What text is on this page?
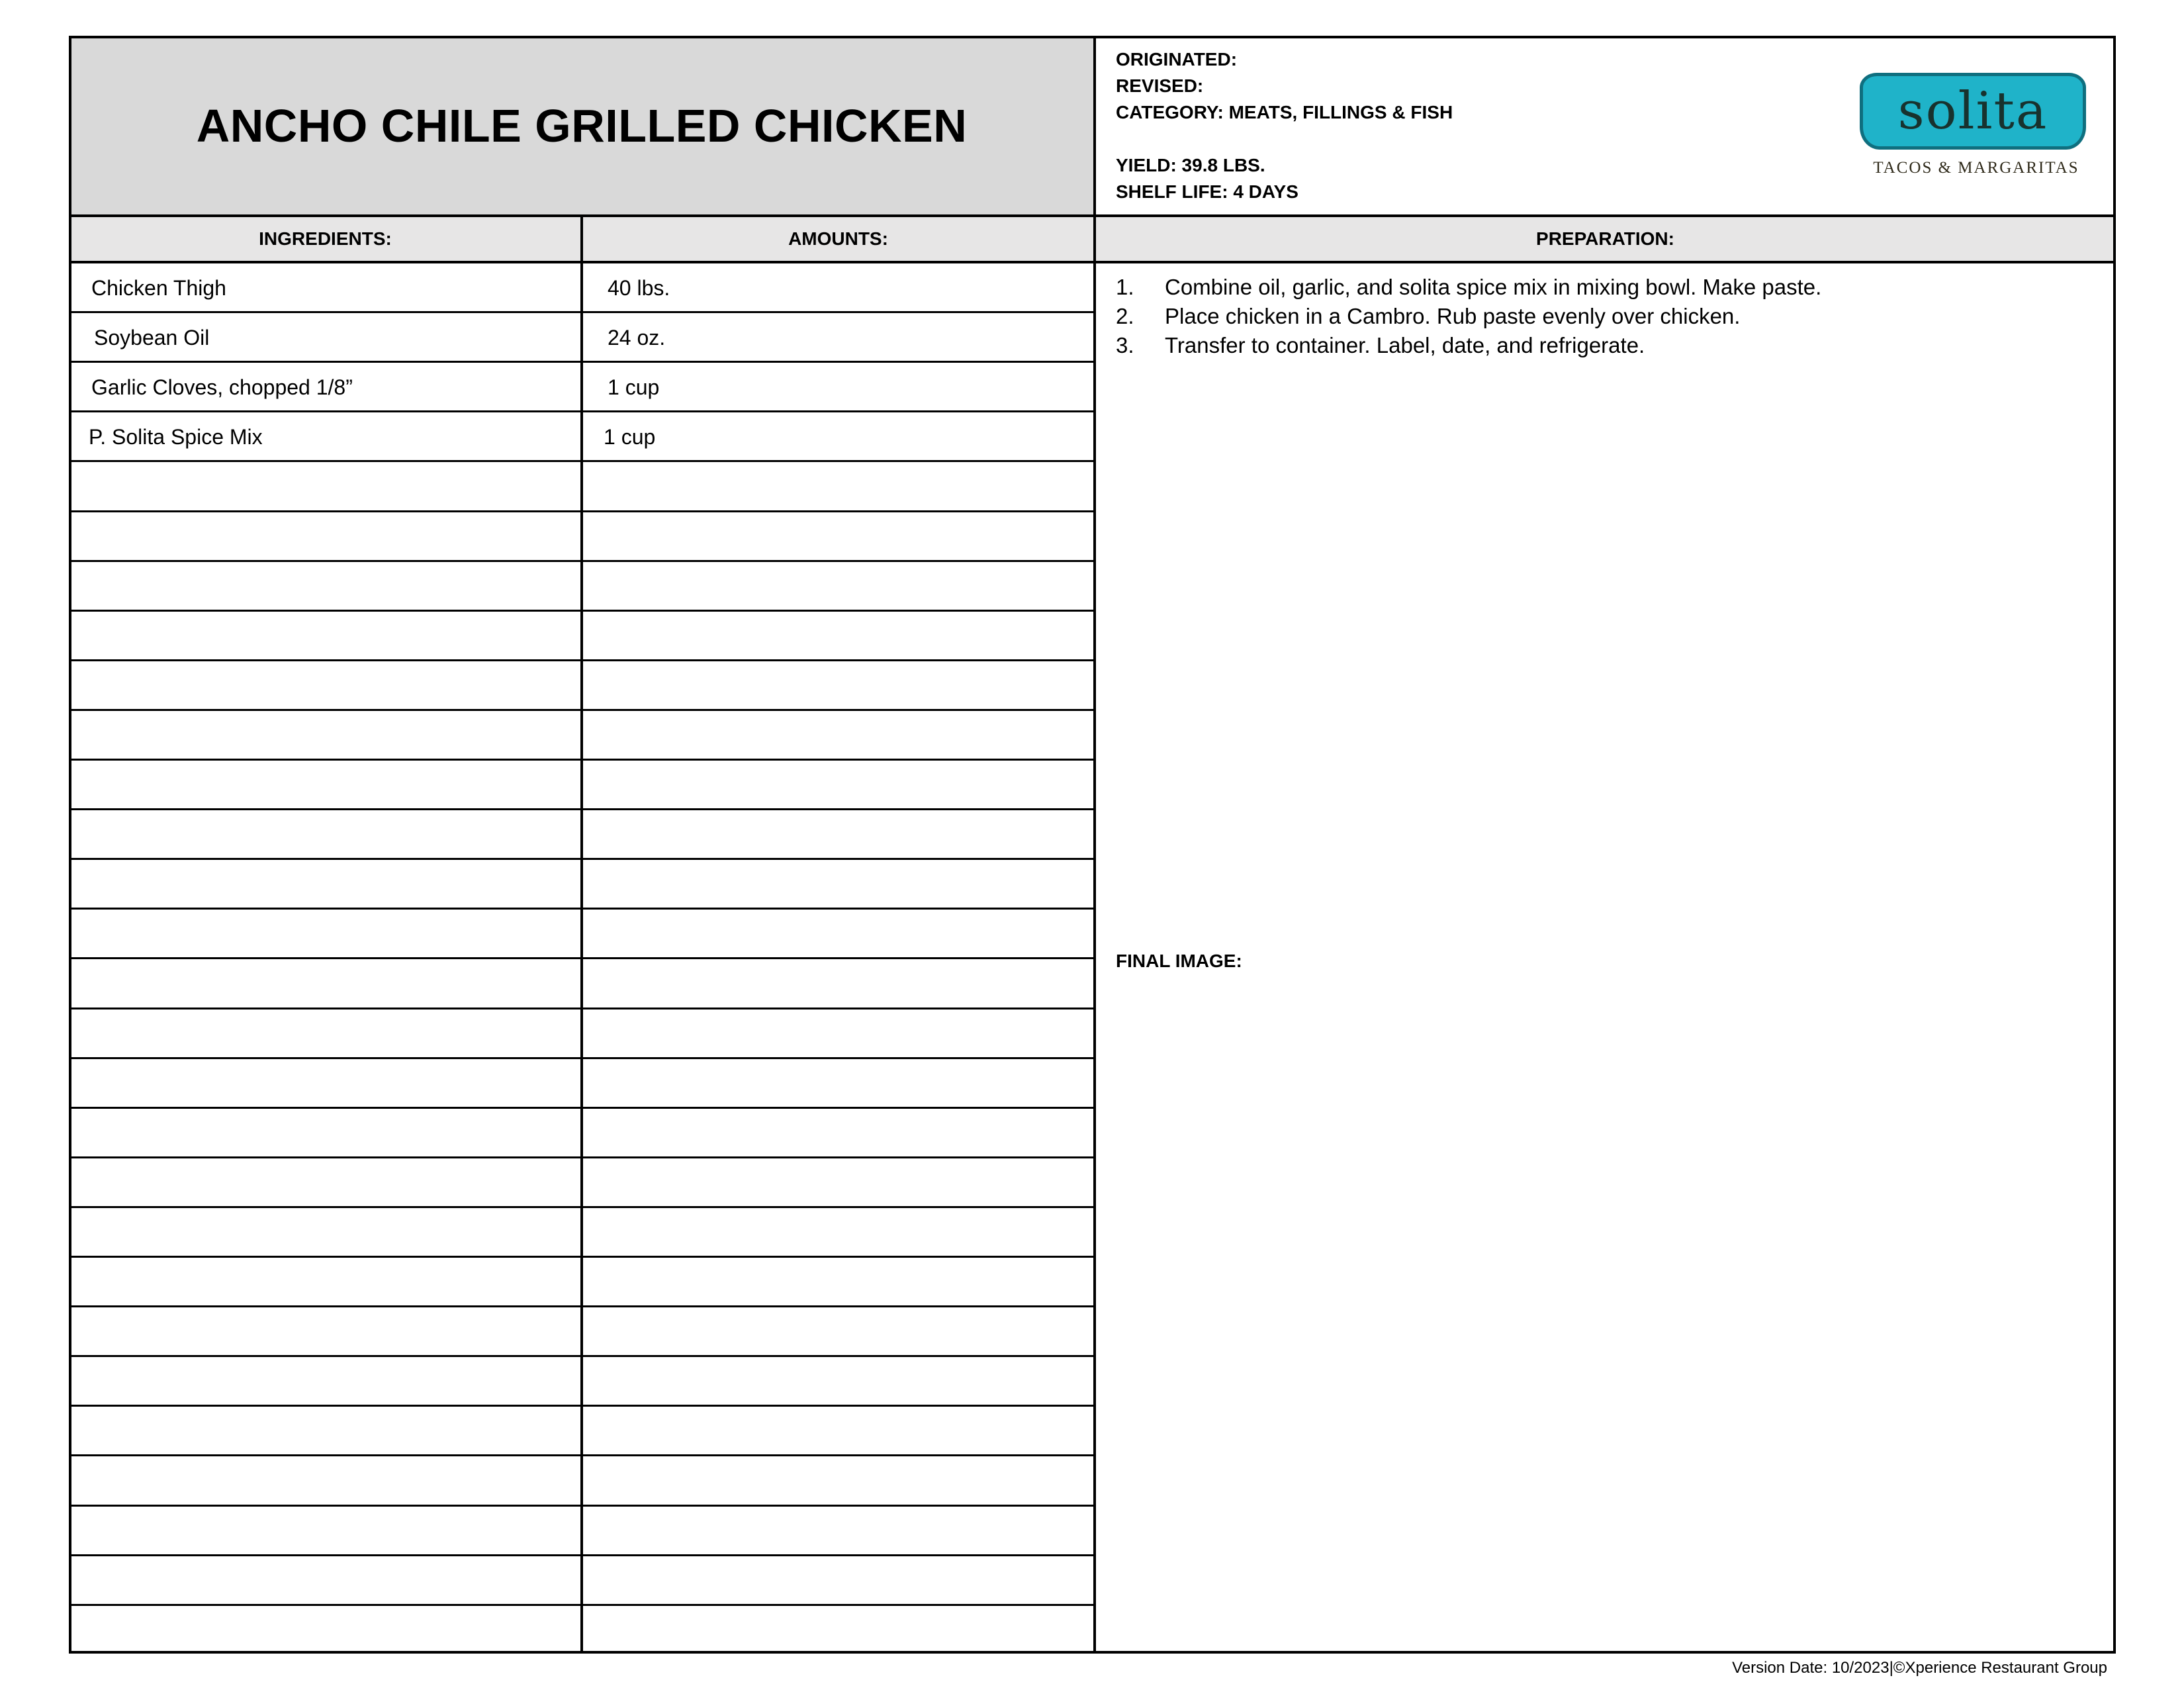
ANCHO CHILE GRILLED CHICKEN
ORIGINATED:
REVISED:
CATEGORY: MEATS, FILLINGS & FISH
YIELD: 39.8 LBS.
SHELF LIFE: 4 DAYS
solita
TACOS & MARGARITAS
INGREDIENTS:	AMOUNTS:	PREPARATION:
Chicken Thigh	40 lbs.
Soybean Oil	24 oz.
Garlic Cloves, chopped 1/8”	1 cup
P. Solita Spice Mix	1 cup
1. Combine oil, garlic, and solita spice mix in mixing bowl. Make paste.
2. Place chicken in a Cambro. Rub paste evenly over chicken.
3. Transfer to container. Label, date, and refrigerate.
FINAL IMAGE:
Version Date: 10/2023|©Xperience Restaurant Group
